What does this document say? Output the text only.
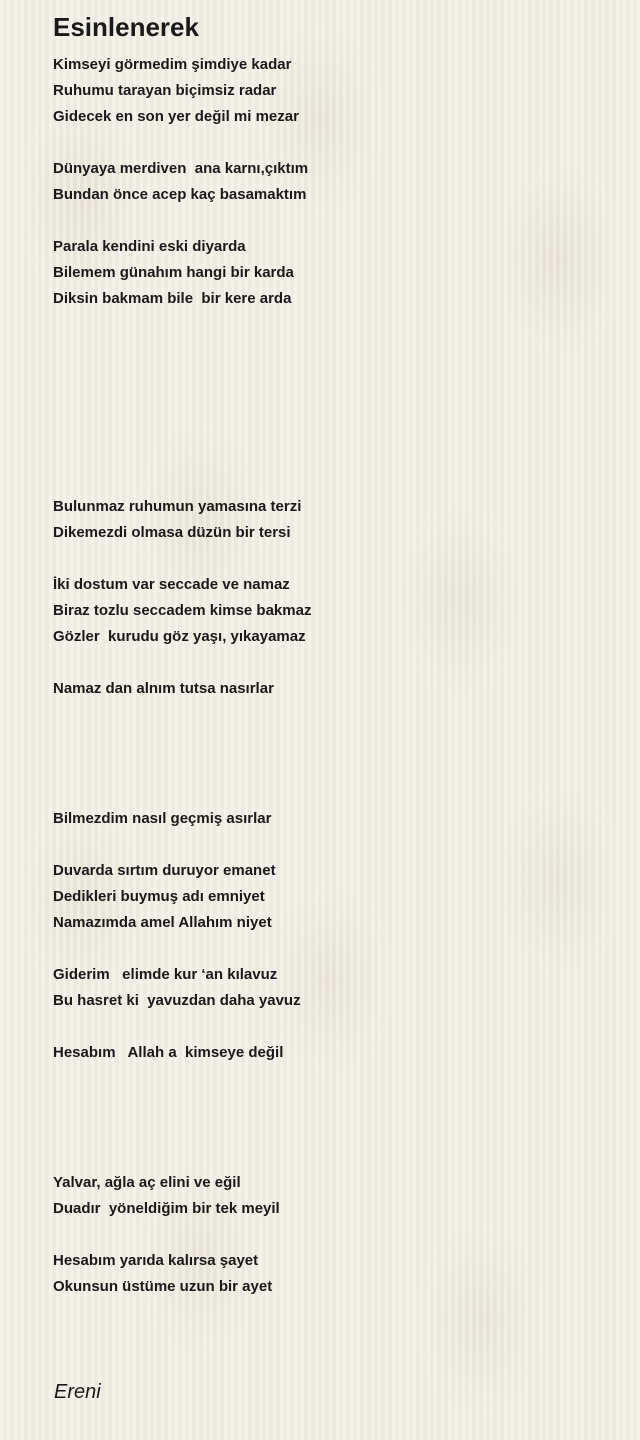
Esinlenerek
Kimseyi görmedim şimdiye kadar
Ruhumu tarayan biçimsiz radar
Gidecek en son yer değil mi mezar
Dünyaya merdiven  ana karnı,çıktım
Bundan önce acep kaç basamaktım
Parala kendini eski diyarda
Bilemem günahım hangi bir karda
Diksin bakmam bile  bir kere arda
Bulunmaz ruhumun yamasına terzi
Dikemezdi olmasa düzün bir tersi
İki dostum var seccade ve namaz
Biraz tozlu seccadem kimse bakmaz
Gözler  kurudu göz yaşı, yıkayamaz
Namaz dan alnım tutsa nasırlar
Bilmezdim nasıl geçmiş asırlar
Duvarda sırtım duruyor emanet
Dedikleri buymuş adı emniyet
Namazımda amel Allahım niyet
Giderim   elimde kur ‘an kılavuz
Bu hasret ki  yavuzdan daha yavuz
Hesabım   Allah a  kimseye değil
Yalvar, ağla aç elini ve eğil
Duadır  yöneldiğim bir tek meyil
Hesabım yarıda kalırsa şayet
Okunsun üstüme uzun bir ayet
Ereni
